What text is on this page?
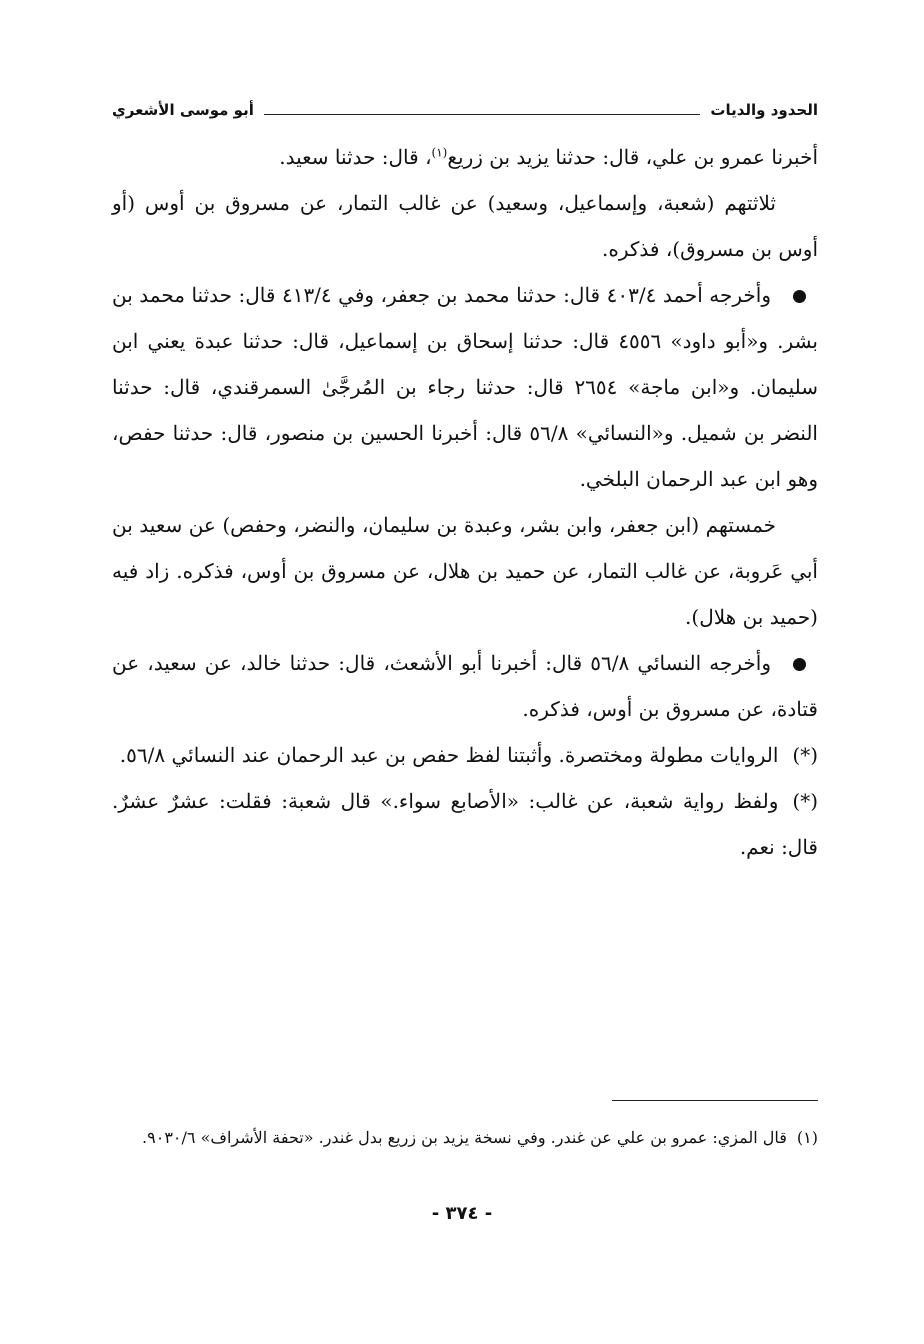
الحدود والديات
أبو موسى الأشعري

أخبرنا عمرو بن علي، قال: حدثنا يزيد بن زريع$^{(١)}$، قال: حدثنا سعيد.

ثلاثتهم (شعبة، وإسماعيل، وسعيد) عن غالب التمار، عن مسروق بن أوس (أو أوس بن مسروق)، فذكره.

وأخرجه أحمد ٤٠٣/٤ قال: حدثنا محمد بن جعفر، وفي ٤١٣/٤ قال: حدثنا محمد بن بشر. و«أبو داود» ٤٥٥٦ قال: حدثنا إسحاق بن إسماعيل، قال: حدثنا عبدة يعني ابن سليمان. و«ابن ماجة» ٢٦٥٤ قال: حدثنا رجاء بن المُرجَّىٰ السمرقندي، قال: حدثنا النضر بن شميل. و«النسائي» ٥٦/٨ قال: أخبرنا الحسين بن منصور، قال: حدثنا حفص، وهو ابن عبد الرحمان البلخي.

خمستهم (ابن جعفر، وابن بشر، وعبدة بن سليمان، والنضر، وحفص) عن سعيد بن أبي عَروبة، عن غالب التمار، عن حميد بن هلال، عن مسروق بن أوس، فذكره. زاد فيه (حميد بن هلال).

وأخرجه النسائي ٥٦/٨ قال: أخبرنا أبو الأشعث، قال: حدثنا خالد، عن سعيد، عن قتادة، عن مسروق بن أوس، فذكره.

(*)الروايات مطولة ومختصرة. وأثبتنا لفظ حفص بن عبد الرحمان عند النسائي ٥٦/٨.

(*)ولفظ رواية شعبة، عن غالب: «الأصابع سواء.» قال شعبة: فقلت: عشرٌ عشرٌ. قال: نعم.

(١)قال المزي: عمرو بن علي عن غندر. وفي نسخة يزيد بن زريع بدل غندر. «تحفة الأشراف» ٩٠٣٠/٦.

- ٣٧٤ -
